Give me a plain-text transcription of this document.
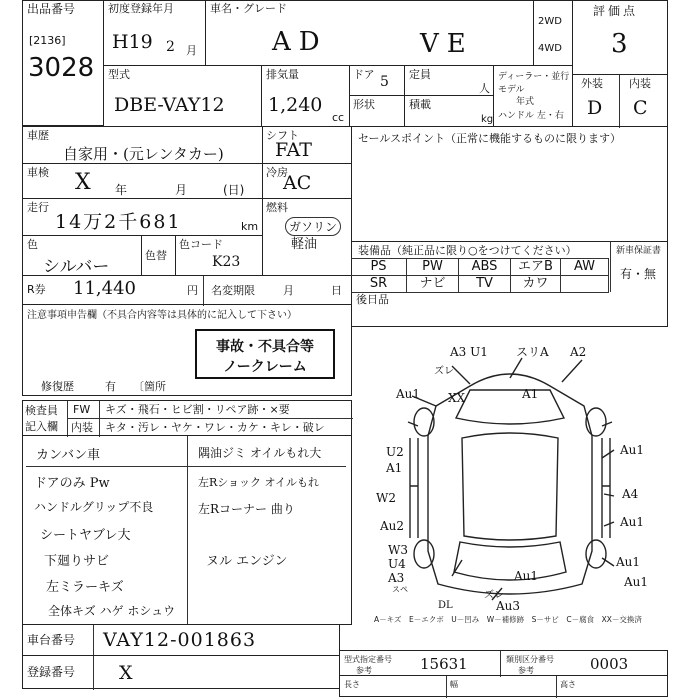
出品番号
[2136]
3028
初度登録年月
H19 2 月
車名・グレード
AD	VE
2WD
4WD
評価点
3
型式
DBE-VAY12
排気量
1,240
cc
ドア 5 定員
人
形状	積載
kg
ディーラー・並行
モデル
年式
ハンドル 左・右
外装 内装
D C
車歴
自家用・(元レンタカー)
シフト
FAT
車検 X 年	月	(日)
冷房
AC
走行
14万2千681	km
燃料
ガソリン
軽油
色
シルバー
色替
色コード
K23
R券 11,440	円 名変期限	月	日
注意事項申告欄（不具合内容等は具体的に記入して下さい）
事故・不具合等
ノークレーム
修復歴	有 〔箇所
セールスポイント（正常に機能するものに限ります）
装備品（純正品に限り○をつけてください）	新車保証書
有・無
後日品
PS	PW	ABS	エアB	AW
SR	ナビ	TV	カワ
検査員
記入欄
FW キズ・飛石・ヒビ割・リペア跡・×要
内装 キタ・汚レ・ヤケ・ワレ・カケ・キレ・破レ
カンバン車
ドアのみ Pw
ハンドルグリップ不良
シートヤブレ大
下廻りサビ
左ミラーキズ
全体キズ ハゲ ホシュウ
隅油ジミ オイルもれ大
左Rショック オイルもれ
左Rコーナー 曲り
ヌル エンジン
A3 U1
ズレ
スリA A2
Au1 XX	A1
U2
A1
W2
Au2
W3
U4
A3
スペ
Au1
ズレ
Au3
DL
Au1
A4
Au1
Au1
Au1
A－キズ　E－エクボ　U－凹み　W－補修跡　S－サビ　C－腐食　XX－交換済
車台番号 VAY12-001863
登録番号 X
型式指定番号
参考	15631	類別区分番号
参考	0003
長さ	幅	高さ
